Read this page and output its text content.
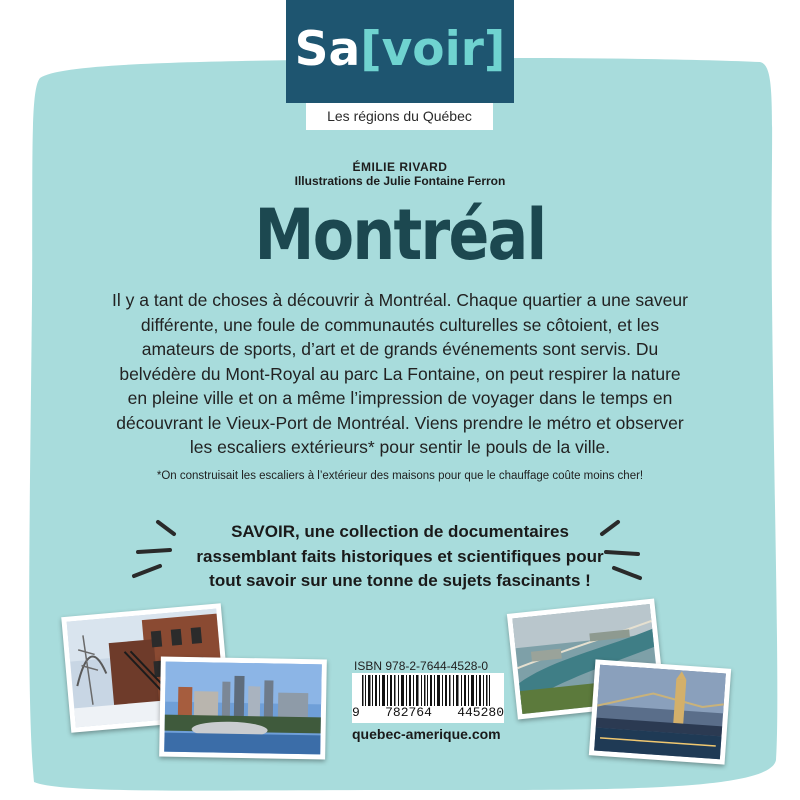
Sa[voir]
Les régions du Québec
ÉMILIE RIVARD
Illustrations de Julie Fontaine Ferron
Montréal
Il y a tant de choses à découvrir à Montréal. Chaque quartier a une saveur différente, une foule de communautés culturelles se côtoient, et les amateurs de sports, d’art et de grands événements sont servis. Du belvédère du Mont-Royal au parc La Fontaine, on peut respirer la nature en pleine ville et on a même l’impression de voyager dans le temps en découvrant le Vieux-Port de Montréal. Viens prendre le métro et observer les escaliers extérieurs* pour sentir le pouls de la ville.
*On construisait les escaliers à l’extérieur des maisons pour que le chauffage coûte moins cher!
SAVOIR, une collection de documentaires
rassemblant faits historiques et scientifiques pour
tout savoir sur une tonne de sujets fascinants !
ISBN 978-2-7644-4528-0
9 782764 445280
quebec-amerique.com
